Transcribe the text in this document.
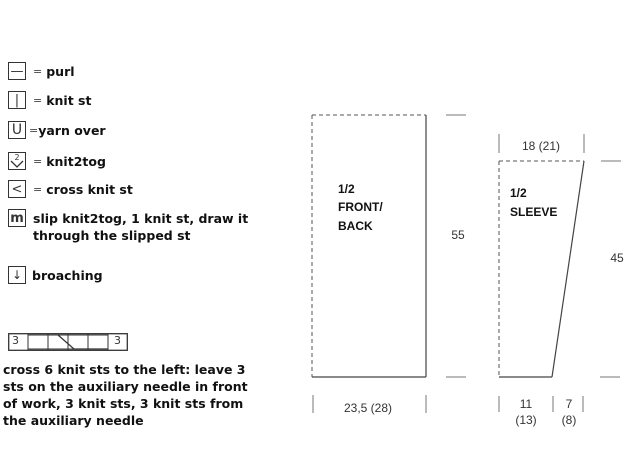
— = purl
|	= knit st
U = yarn over
2 = knit2tog
< = cross knit st
m slip knit2tog, 1 knit st, draw it through the slipped st
↓ broaching
3	3
cross 6 knit sts to the left: leave 3 sts on the auxiliary needle in front of work, 3 knit sts, 3 knit sts from the auxiliary needle
1/2
FRONT/
BACK
55
23,5 (28)
1/2
SLEEVE
18 (21)
45
11
(13)
7
(8)
